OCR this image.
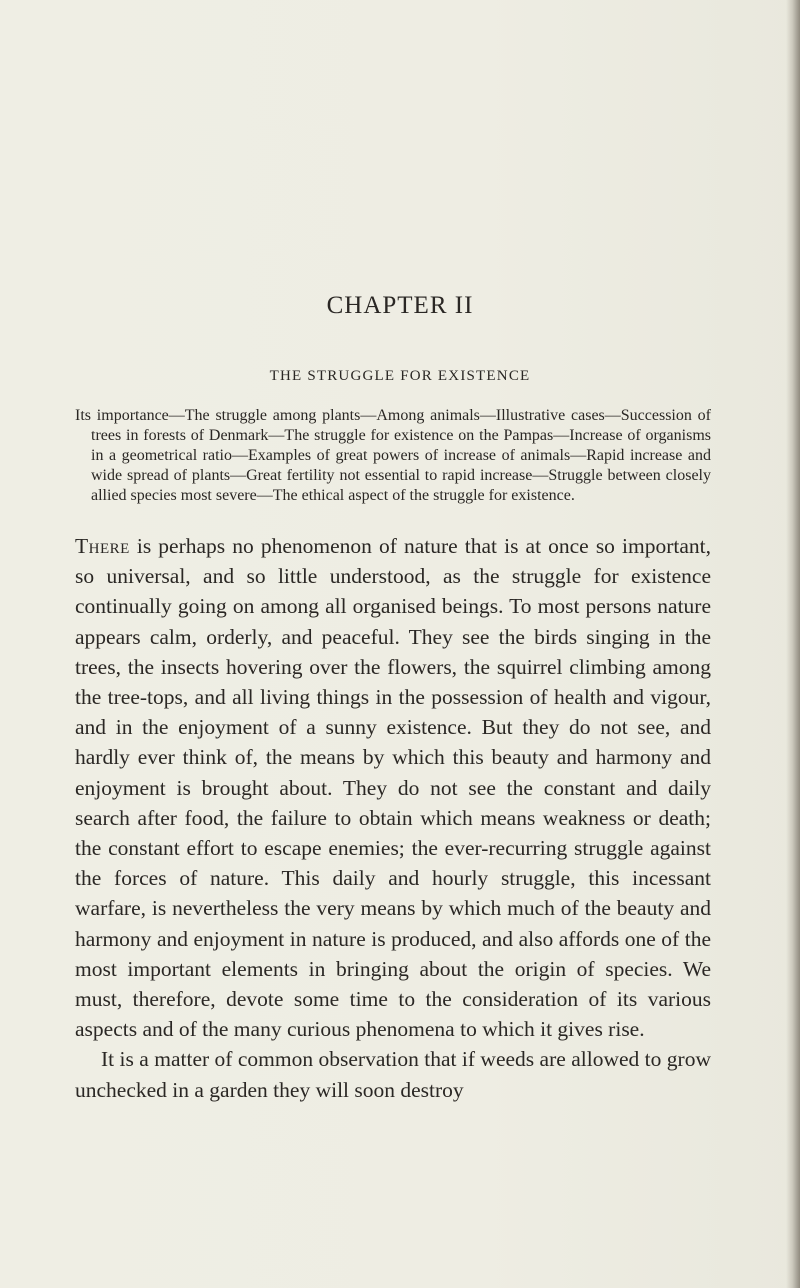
CHAPTER II
THE STRUGGLE FOR EXISTENCE
Its importance—The struggle among plants—Among animals—Illustrative cases—Succession of trees in forests of Denmark—The struggle for existence on the Pampas—Increase of organisms in a geometrical ratio—Examples of great powers of increase of animals—Rapid increase and wide spread of plants—Great fertility not essential to rapid increase—Struggle between closely allied species most severe—The ethical aspect of the struggle for existence.

There is perhaps no phenomenon of nature that is at once so important, so universal, and so little understood, as the struggle for existence continually going on among all organised beings. To most persons nature appears calm, orderly, and peaceful. They see the birds singing in the trees, the insects hovering over the flowers, the squirrel climbing among the tree-tops, and all living things in the possession of health and vigour, and in the enjoyment of a sunny existence. But they do not see, and hardly ever think of, the means by which this beauty and harmony and enjoyment is brought about. They do not see the constant and daily search after food, the failure to obtain which means weakness or death; the constant effort to escape enemies; the ever-recurring struggle against the forces of nature. This daily and hourly struggle, this incessant warfare, is nevertheless the very means by which much of the beauty and harmony and enjoyment in nature is produced, and also affords one of the most important elements in bringing about the origin of species. We must, therefore, devote some time to the consideration of its various aspects and of the many curious phenomena to which it gives rise.

It is a matter of common observation that if weeds are allowed to grow unchecked in a garden they will soon destroy
